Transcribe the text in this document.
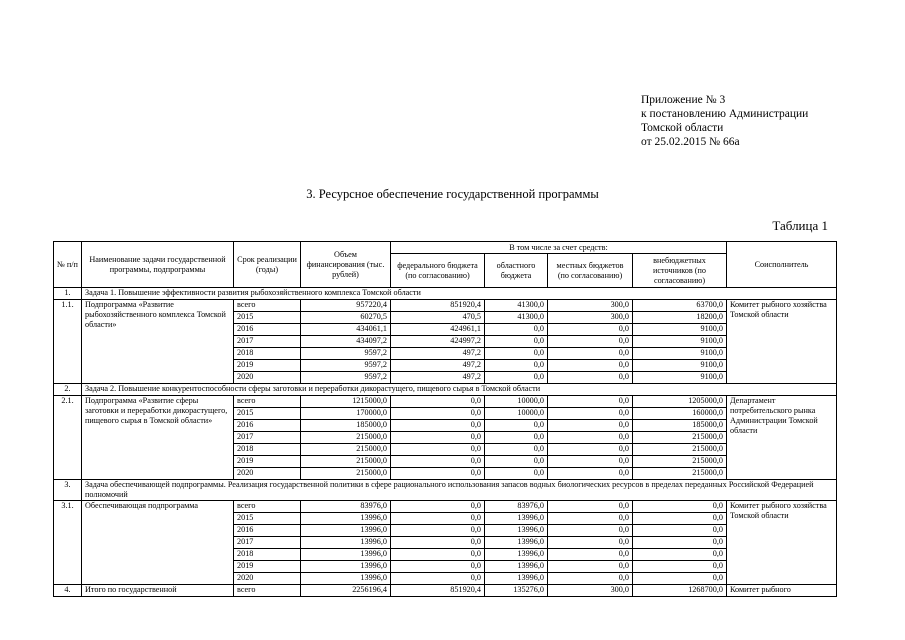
Приложение № 3
к постановлению Администрации
Томской области
от 25.02.2015 № 66а
3. Ресурсное обеспечение государственной программы
Таблица 1
№ п/п	Наименование задачи государственной программы, подпрограммы	Срок реализации (годы)	Объем финансирования (тыс. рублей)	В том числе за счет средств:				Соисполнитель
				федерального бюджета (по согласованию)	областного бюджета	местных бюджетов (по согласованию)	внебюджетных источников (по согласованию)	
1.	Задача 1. Повышение эффективности развития рыбохозяйственного комплекса Томской области							
1.1.	Подпрограмма «Развитие рыбохозяйственного комплекса Томской области»	всего	957220,4	851920,4	41300,0	300,0	63700,0	Комитет рыбного хозяйства Томской области
		2015	60270,5	470,5	41300,0	300,0	18200,0	
		2016	434061,1	424961,1	0,0	0,0	9100,0	
		2017	434097,2	424997,2	0,0	0,0	9100,0	
		2018	9597,2	497,2	0,0	0,0	9100,0	
		2019	9597,2	497,2	0,0	0,0	9100,0	
		2020	9597,2	497,2	0,0	0,0	9100,0	
2.	Задача 2. Повышение конкурентоспособности сферы заготовки и переработки дикорастущего, пищевого сырья в Томской области							
2.1.	Подпрограмма «Развитие сферы заготовки и переработки дикорастущего, пищевого сырья в Томской области»	всего	1215000,0	0,0	10000,0	0,0	1205000,0	Департамент потребительского рынка Администрации Томской области
		2015	170000,0	0,0	10000,0	0,0	160000,0	
		2016	185000,0	0,0	0,0	0,0	185000,0	
		2017	215000,0	0,0	0,0	0,0	215000,0	
		2018	215000,0	0,0	0,0	0,0	215000,0	
		2019	215000,0	0,0	0,0	0,0	215000,0	
		2020	215000,0	0,0	0,0	0,0	215000,0	
3.	Задача обеспечивающей подпрограммы. Реализация государственной политики в сфере рационального использования запасов водных биологических ресурсов в пределах переданных Российской Федерацией полномочий							
3.1.	Обеспечивающая подпрограмма	всего	83976,0	0,0	83976,0	0,0	0,0	Комитет рыбного хозяйства Томской области
		2015	13996,0	0,0	13996,0	0,0	0,0	
		2016	13996,0	0,0	13996,0	0,0	0,0	
		2017	13996,0	0,0	13996,0	0,0	0,0	
		2018	13996,0	0,0	13996,0	0,0	0,0	
		2019	13996,0	0,0	13996,0	0,0	0,0	
		2020	13996,0	0,0	13996,0	0,0	0,0	
4.	Итого по государственной	всего	2256196,4	851920,4	135276,0	300,0	1268700,0	Комитет рыбного
